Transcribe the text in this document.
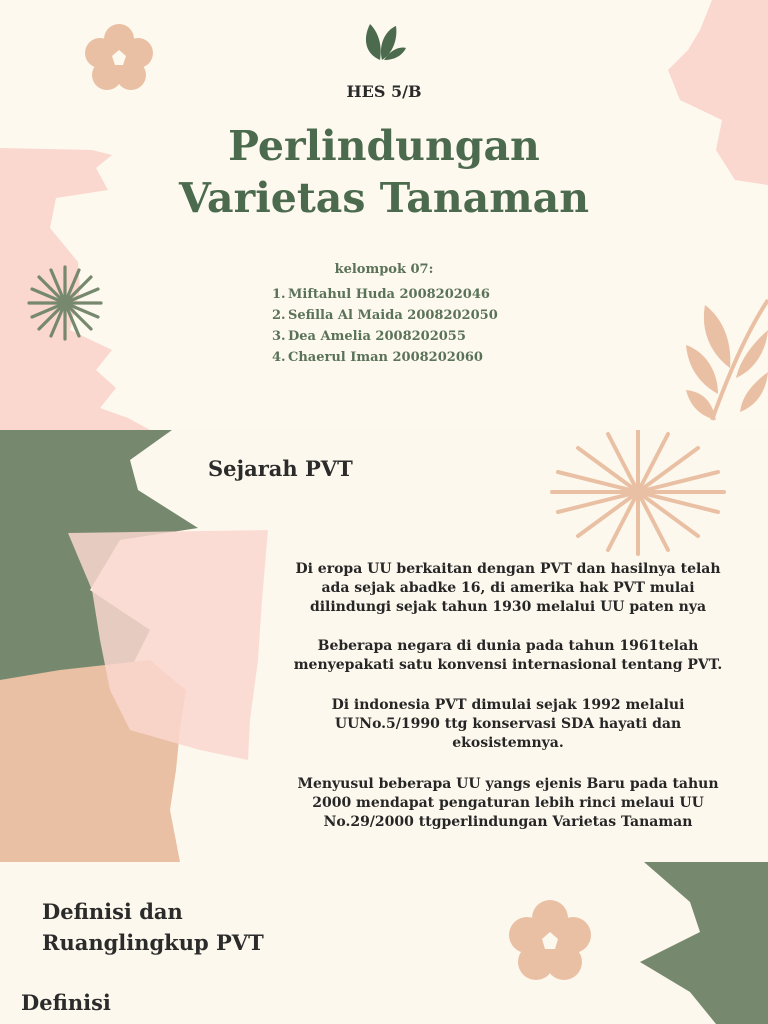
HES 5/B
Perlindungan
Varietas Tanaman
kelompok 07:
1. Miftahul Huda 2008202046
2. Sefilla Al Maida 2008202050
3. Dea Amelia 2008202055
4. Chaerul Iman 2008202060
Sejarah PVT
Di eropa UU berkaitan dengan PVT dan hasilnya telah ada sejak abadke 16, di amerika hak PVT mulai dilindungi sejak tahun 1930 melalui UU paten nya
Beberapa negara di dunia pada tahun 1961telah menyepakati satu konvensi internasional tentang PVT.
Di indonesia PVT dimulai sejak 1992 melalui UUNo.5/1990 ttg konservasi SDA hayati dan ekosistemnya.
Menyusul beberapa UU yangs ejenis Baru pada tahun 2000 mendapat pengaturan lebih rinci melaui UU No.29/2000 ttgperlindungan Varietas Tanaman
Definisi dan
Ruanglingkup PVT
Definisi
